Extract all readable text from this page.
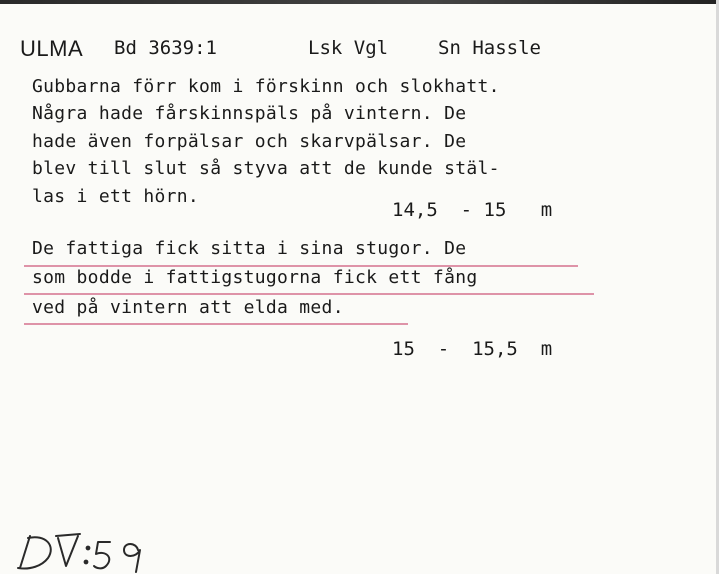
ULMA Bd 3639:1	Lsk Vgl	Sn Hassle
Gubbarna förr kom i förskinn och slokhatt.
Några hade fårskinnspäls på vintern. De
hade även forpälsar och skarvpälsar. De
blev till slut så styva att de kunde stäl-
las i ett hörn.
14,5  - 15   m
De fattiga fick sitta i sina stugor. De
som bodde i fattigstugorna fick ett fång
ved på vintern att elda med.
15  -  15,5  m
